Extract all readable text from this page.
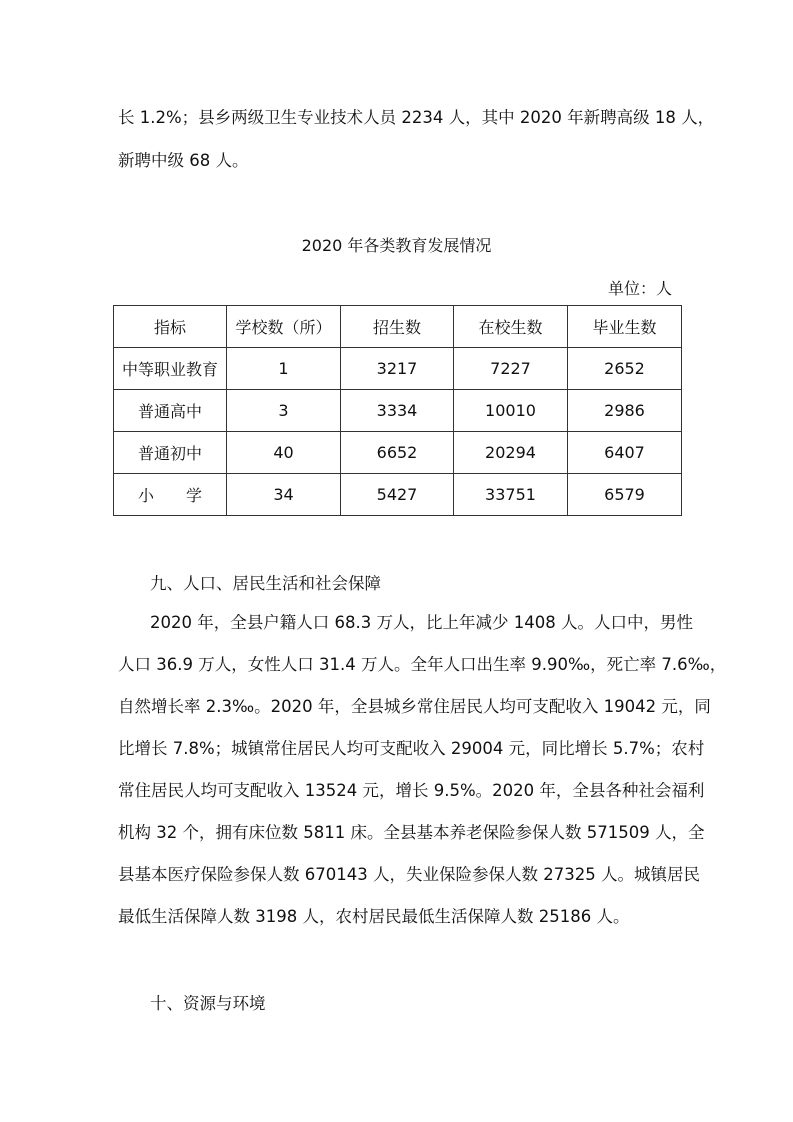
长 1.2%；县乡两级卫生专业技术人员 2234 人，其中 2020 年新聘高级 18 人，
新聘中级 68 人。
2020 年各类教育发展情况
单位：人
指标	学校数（所）	招生数	在校生数	毕业生数
中等职业教育	1	3217	7227	2652
普通高中	3	3334	10010	2986
普通初中	40	6652	20294	6407
小　　学	34	5427	33751	6579
九、人口、居民生活和社会保障
2020 年，全县户籍人口 68.3 万人，比上年减少 1408 人。人口中，男性
人口 36.9 万人，女性人口 31.4 万人。全年人口出生率 9.90‰，死亡率 7.6‰，
自然增长率 2.3‰。2020 年，全县城乡常住居民人均可支配收入 19042 元，同
比增长 7.8%；城镇常住居民人均可支配收入 29004 元，同比增长 5.7%；农村
常住居民人均可支配收入 13524 元，增长 9.5%。2020 年，全县各种社会福利
机构 32 个，拥有床位数 5811 床。全县基本养老保险参保人数 571509 人，全
县基本医疗保险参保人数 670143 人，失业保险参保人数 27325 人。城镇居民
最低生活保障人数 3198 人，农村居民最低生活保障人数 25186 人。
十、资源与环境
